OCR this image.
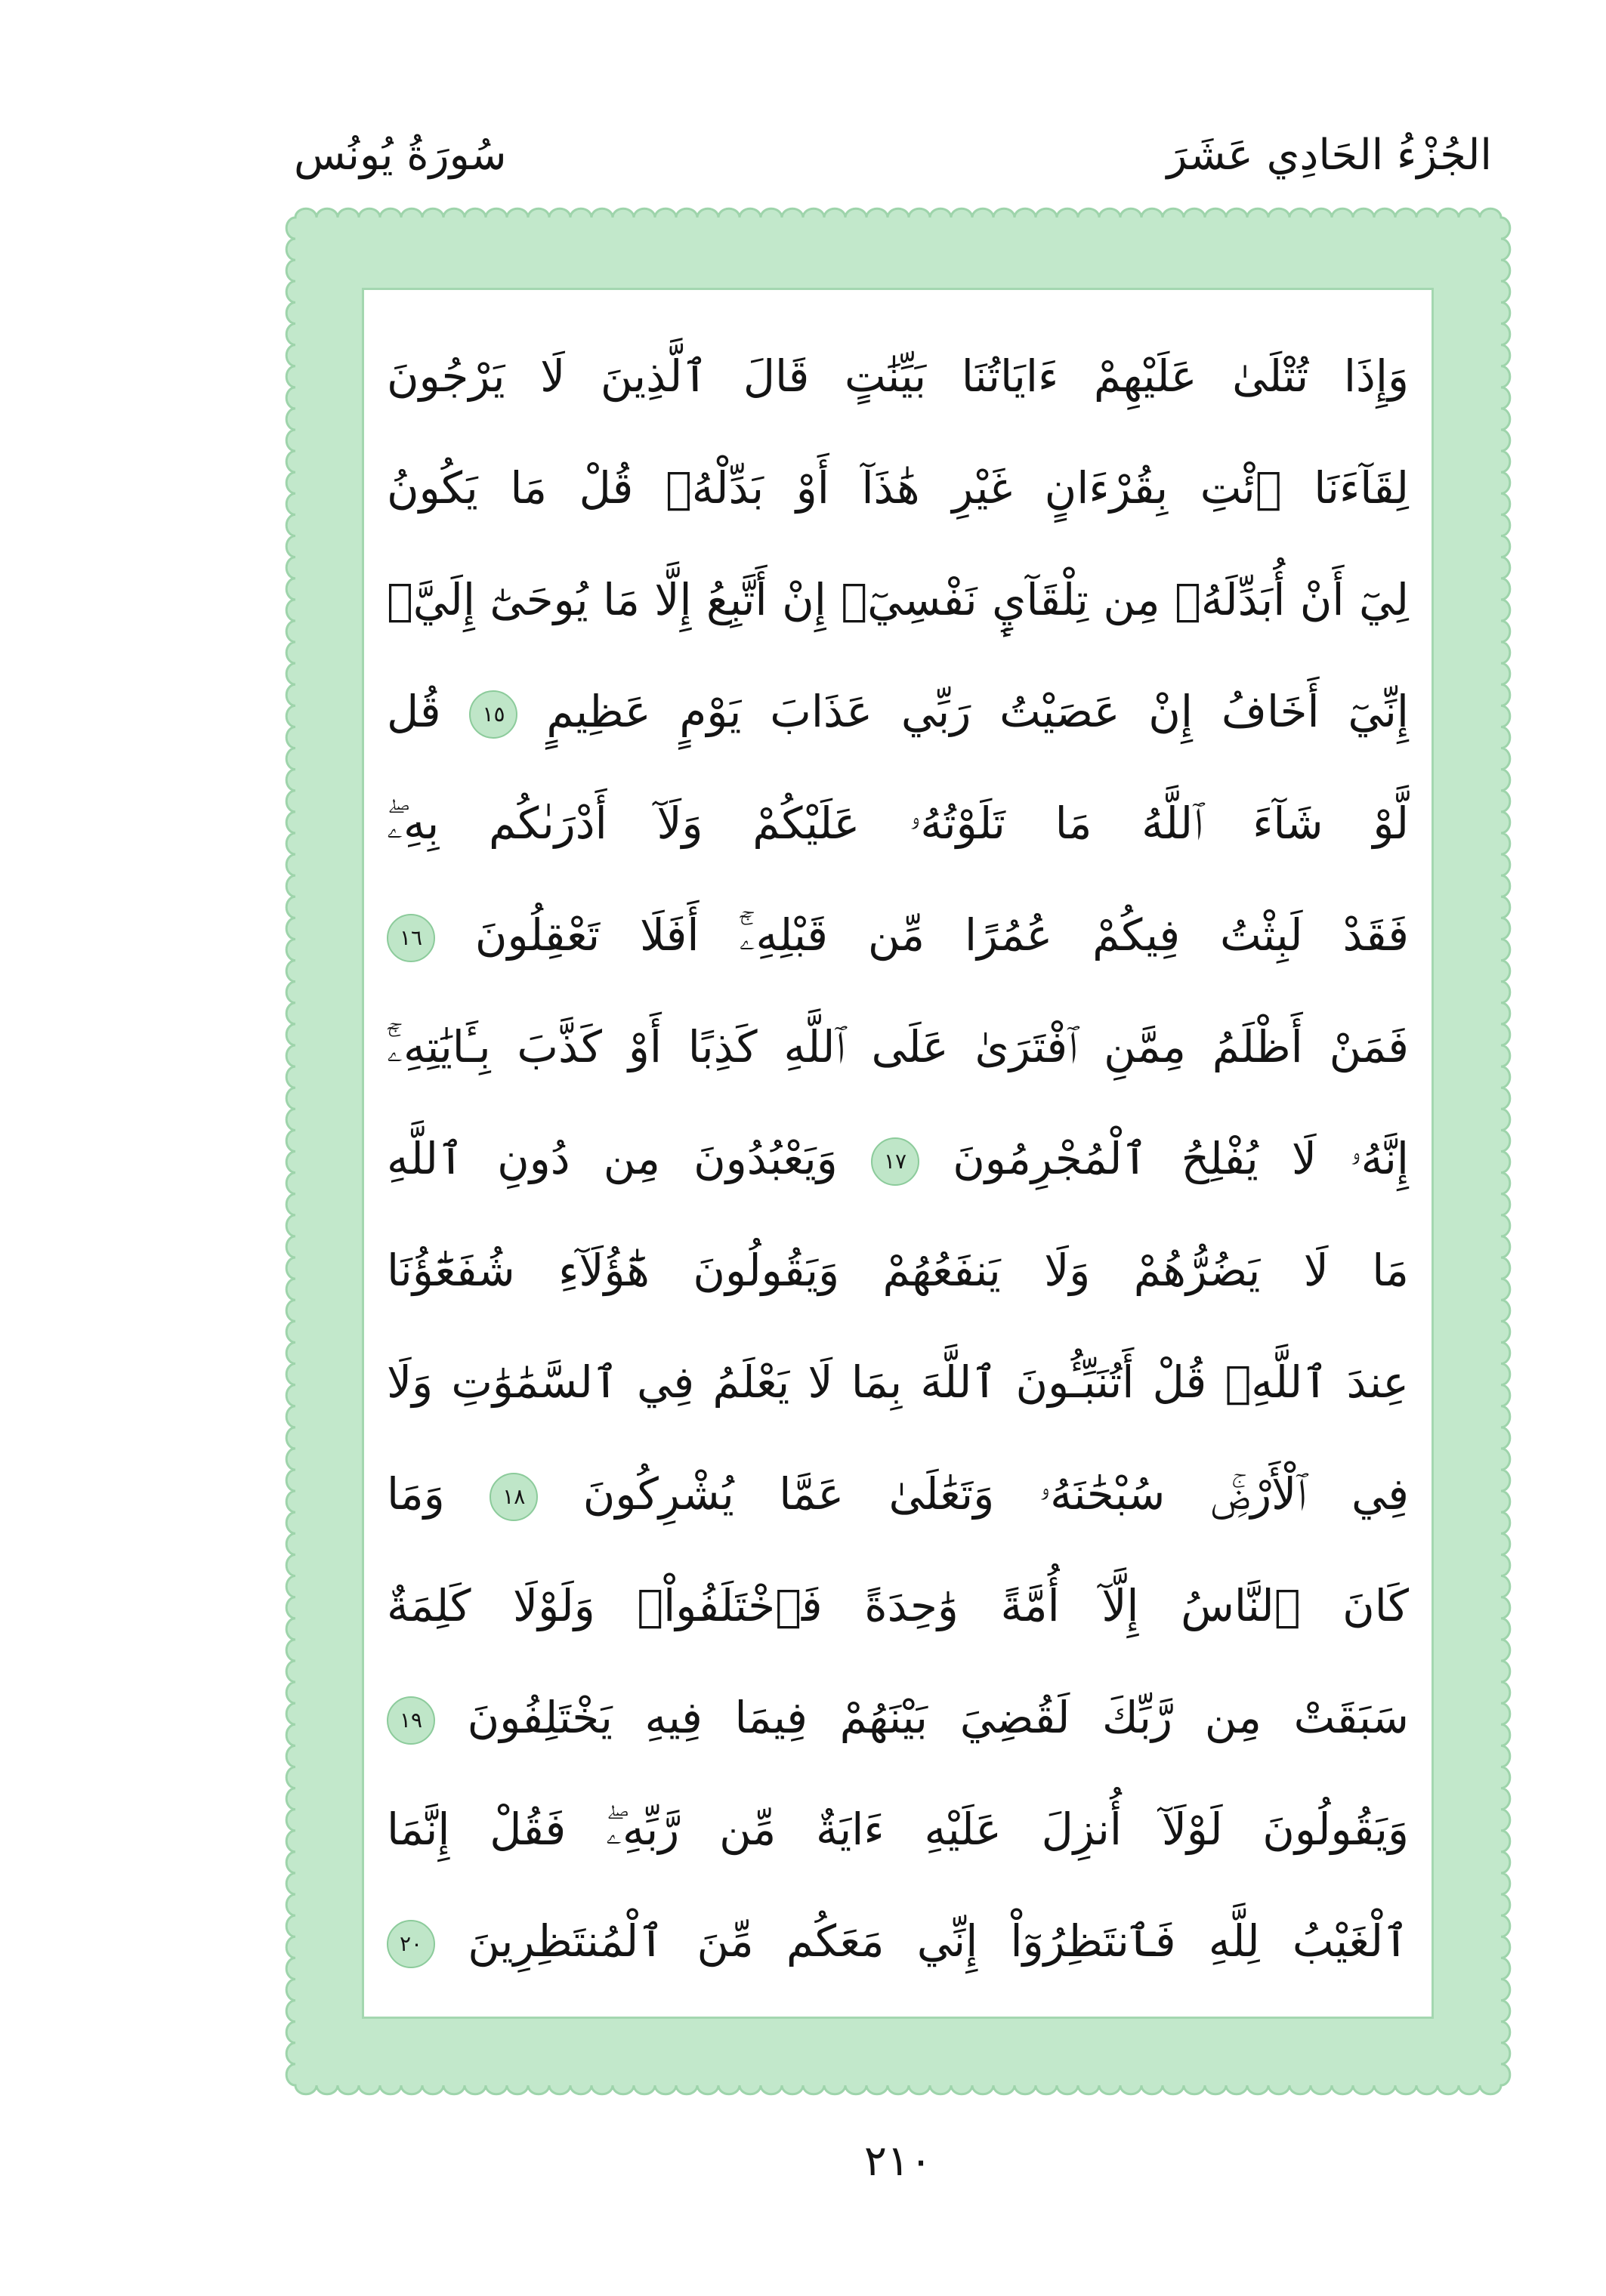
الجُزْءُ الحَادِي عَشَرَ
سُورَةُ يُونُس
وَإِذَا تُتْلَىٰ عَلَيْهِمْ ءَايَاتُنَا بَيِّنَٰتٍ قَالَ ٱلَّذِينَ لَا يَرْجُونَ
لِقَآءَنَا ٱئْتِ بِقُرْءَانٍ غَيْرِ هَٰذَآ أَوْ بَدِّلْهُۚ قُلْ مَا يَكُونُ
لِيٓ أَنْ أُبَدِّلَهُۥ مِن تِلْقَآيِٕ نَفْسِيٓۖ إِنْ أَتَّبِعُ إِلَّا مَا يُوحَىٰٓ إِلَيَّۖ
إِنِّيٓ أَخَافُ إِنْ عَصَيْتُ رَبِّي عَذَابَ يَوْمٍ عَظِيمٍ ١٥ قُل
لَّوْ شَآءَ ٱللَّهُ مَا تَلَوْتُهُۥ عَلَيْكُمْ وَلَآ أَدْرَىٰكُم بِهِۦۖ
فَقَدْ لَبِثْتُ فِيكُمْ عُمُرًا مِّن قَبْلِهِۦٓۚ أَفَلَا تَعْقِلُونَ ١٦
فَمَنْ أَظْلَمُ مِمَّنِ ٱفْتَرَىٰ عَلَى ٱللَّهِ كَذِبًا أَوْ كَذَّبَ بِـَٔايَٰتِهِۦٓۚ
إِنَّهُۥ لَا يُفْلِحُ ٱلْمُجْرِمُونَ ١٧ وَيَعْبُدُونَ مِن دُونِ ٱللَّهِ
مَا لَا يَضُرُّهُمْ وَلَا يَنفَعُهُمْ وَيَقُولُونَ هَٰٓؤُلَآءِ شُفَعَٰٓؤُنَا
عِندَ ٱللَّهِۚ قُلْ أَتُنَبِّـُٔونَ ٱللَّهَ بِمَا لَا يَعْلَمُ فِي ٱلسَّمَٰوَٰتِ وَلَا
فِي ٱلْأَرْضِۚ سُبْحَٰنَهُۥ وَتَعَٰلَىٰ عَمَّا يُشْرِكُونَ ١٨ وَمَا
كَانَ ٱلنَّاسُ إِلَّآ أُمَّةً وَٰحِدَةً فَٱخْتَلَفُواْۚ وَلَوْلَا كَلِمَةٌ
سَبَقَتْ مِن رَّبِّكَ لَقُضِيَ بَيْنَهُمْ فِيمَا فِيهِ يَخْتَلِفُونَ ١٩
وَيَقُولُونَ لَوْلَآ أُنزِلَ عَلَيْهِ ءَايَةٌ مِّن رَّبِّهِۦۖ فَقُلْ إِنَّمَا
ٱلْغَيْبُ لِلَّهِ فَٱنتَظِرُوٓاْ إِنِّي مَعَكُم مِّنَ ٱلْمُنتَظِرِينَ ٢٠
٢١٠
